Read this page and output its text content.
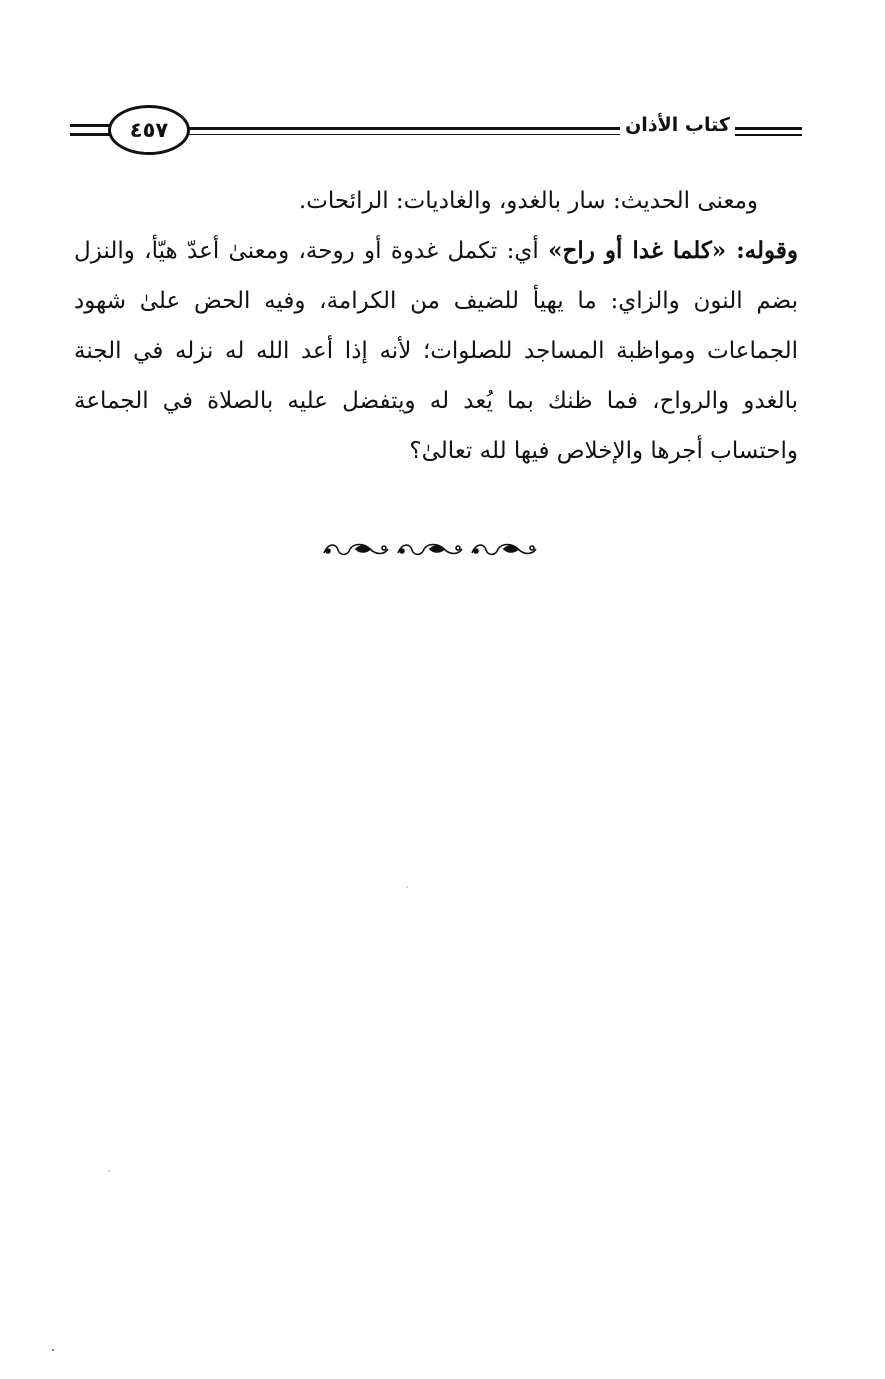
٤٥٧	كتاب الأذان

ومعنى الحديث: سار بالغدو، والغاديات: الرائحات.

وقوله: «كلما غدا أو راح» أي: تكمل غدوة أو روحة، ومعنىٰ أعدّ هيّأ، والنزل بضم النون والزاي: ما يهيأ للضيف من الكرامة، وفيه الحض علىٰ شهود الجماعات ومواظبة المساجد للصلوات؛ لأنه إذا أعد الله له نزله في الجنة بالغدو والرواح، فما ظنك بما يُعد له ويتفضل عليه بالصلاة في الجماعة واحتساب أجرها والإخلاص فيها لله تعالىٰ؟
